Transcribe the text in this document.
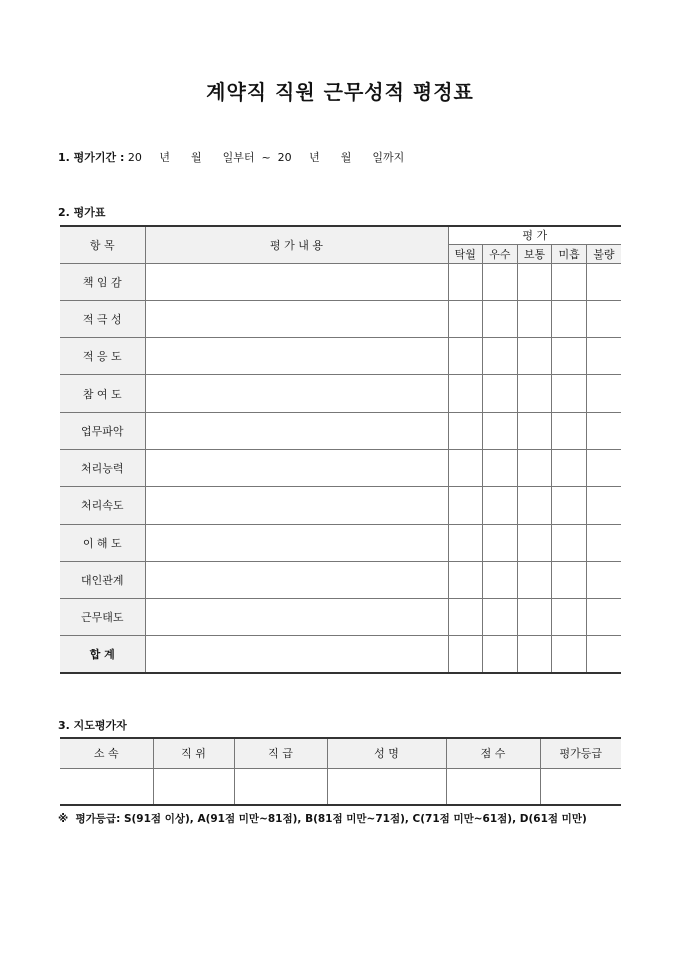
계약직 직원 근무성적 평정표
1. 평가기간 : 20     년      월      일부터  ~  20     년      월      일까지
2. 평가표
항 목	평 가 내 용	평 가				
		탁월	우수	보통	미흡	불량
책 임 감						
적 극 성						
적 응 도						
참 여 도						
업무파악						
처리능력						
처리속도						
이 해 도						
대인관계						
근무태도						
합 계						
3. 지도평가자
소 속	직 위	직 급	성 명	점 수	평가등급

※  평가등급: S(91점 이상), A(91점 미만~81점), B(81점 미만~71점), C(71점 미만~61점), D(61점 미만)
